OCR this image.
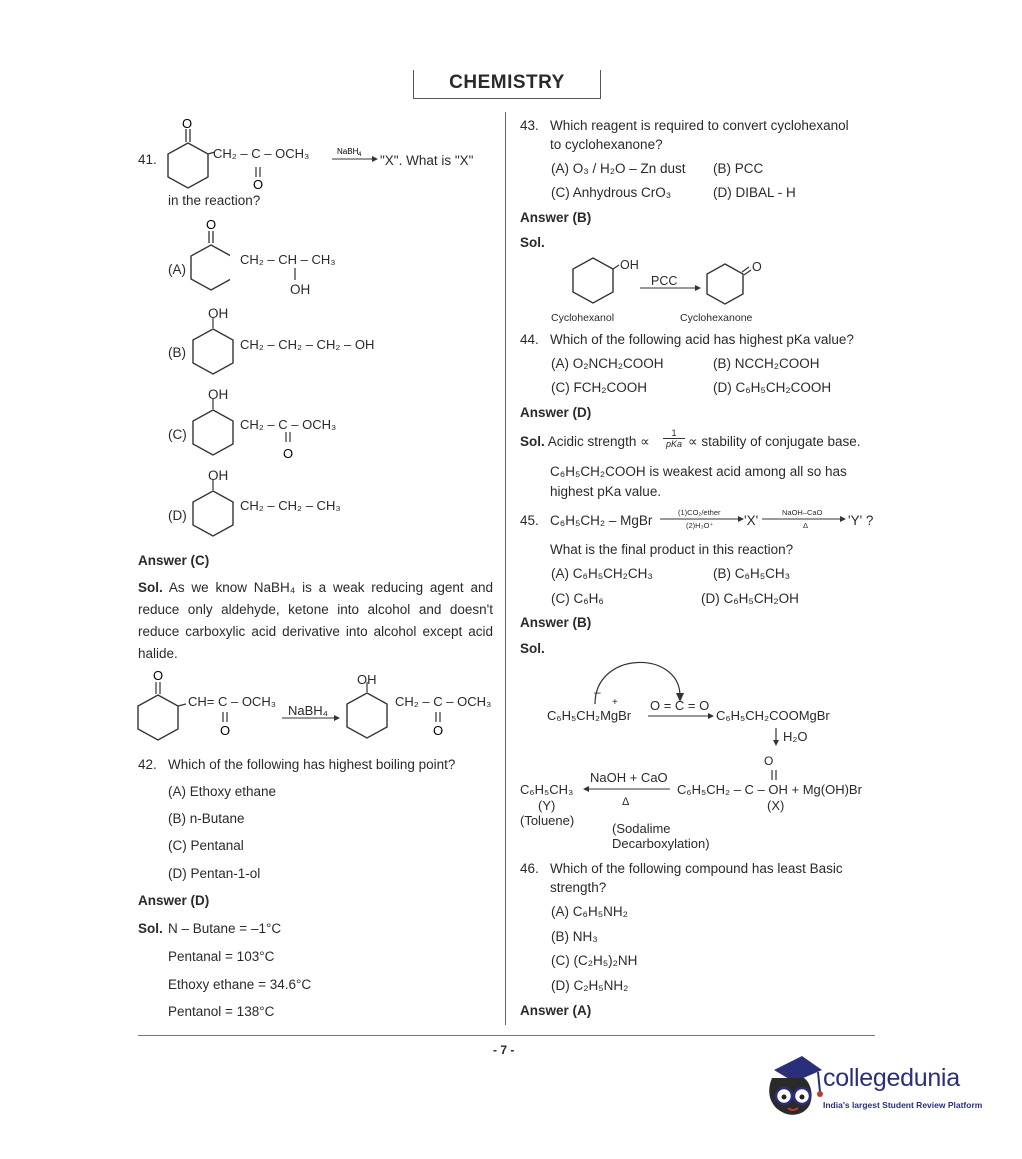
CHEMISTRY
41.
O
O
NaBH 4
CH₂ – C – OCH₃	"X". What is "X"
in the reaction?
O
(A)
CH₂ – CH – CH₃
OH
OH
(B)
CH₂ – CH₂ – CH₂ – OH
OH
O
(C)
CH₂ – C – OCH₃
OH
(D)
CH₂ – CH₂ – CH₃
Answer (C)
Sol. As we know NaBH₄ is a weak reducing agent and reduce only aldehyde, ketone into alcohol and doesn't reduce carboxylic acid derivative into alcohol except acid halide.
O
O	O
CH= C – OCH₃
NaBH₄
OH
CH₂ – C – OCH₃
42. Which of the following has highest boiling point?
(A) Ethoxy ethane
(B) n-Butane
(C) Pentanal
(D) Pentan-1-ol
Answer (D)
Sol. N – Butane = –1°C
Pentanal = 103°C
Ethoxy ethane = 34.6°C
Pentanol = 138°C
43. Which reagent is required to convert cyclohexanol
to cyclohexanone?
(A) O₃ / H₂O – Zn dust (B) PCC
(C) Anhydrous CrO₃	(D) DIBAL - H
Answer (B)
Sol.
OH
PCC
O
Cyclohexanol	Cyclohexanone
44. Which of the following acid has highest pKa value?
(A) O₂NCH₂COOH	(B) NCCH₂COOH
(C) FCH₂COOH	(D) C₆H₅CH₂COOH
Answer (D)
Sol. Acidic strength ∝
1
pKa ∝ stability of conjugate base.
C₆H₅CH₂COOH is weakest acid among all so has
highest pKa value.
45. C₆H₅CH₂ – MgBr
(1)CO₂/ether
(2)H₃O⁺ 'X'
NaOH–CaO
Δ	'Y' ?
What is the final product in this reaction?
(A) C₆H₅CH₂CH₃	(B) C₆H₅CH₃
(C) C₆H₆	(D) C₆H₅CH₂OH
Answer (B)
Sol.
–
+
C₆H₅CH₂MgBr
O = C = O
C₆H₅CH₂COOMgBr
H₂O
O
C₆H₅CH₂ – C – OH + Mg(OH)Br
(X)
C₆H₅CH₃
(Y)
(Toluene)
NaOH + CaO
Δ
(Sodalime
Decarboxylation)
46. Which of the following compound has least Basic
strength?
(A) C₆H₅NH₂
(B) NH₃
(C) (C₂H₅)₂NH
(D) C₂H₅NH₂
Answer (A)
- 7 -
collegedunia
India's largest Student Review Platform
